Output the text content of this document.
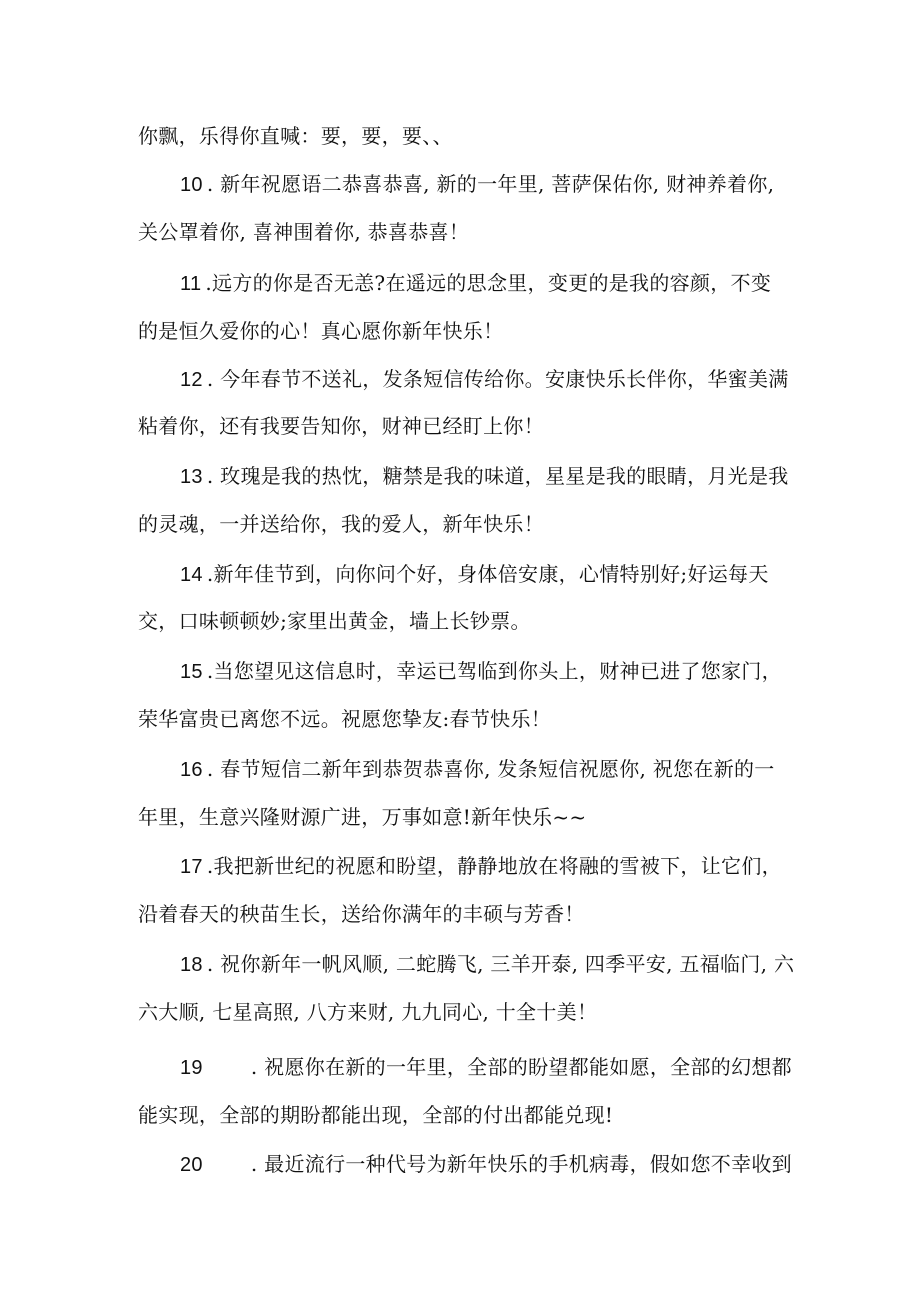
你飘，乐得你直喊：要，要，要、、
10 . 新年祝愿语二恭喜恭喜, 新的一年里, 菩萨保佑你, 财神养着你,
关公罩着你, 喜神围着你, 恭喜恭喜！
11 .远方的你是否无恙?在遥远的思念里，变更的是我的容颜，不变
的是恒久爱你的心！真心愿你新年快乐！
12 . 今年春节不送礼，发条短信传给你。安康快乐长伴你，华蜜美满
粘着你，还有我要告知你，财神已经盯上你！
13 . 玫瑰是我的热忱，糖禁是我的味道，星星是我的眼睛，月光是我
的灵魂，一并送给你，我的爱人，新年快乐！
14 .新年佳节到，向你问个好，身体倍安康，心情特别好;好运每天
交，口味顿顿妙;家里出黄金，墙上长钞票。
15 .当您望见这信息时，幸运已驾临到你头上，财神已进了您家门，
荣华富贵已离您不远。祝愿您挚友:春节快乐！
16 . 春节短信二新年到恭贺恭喜你, 发条短信祝愿你, 祝您在新的一
年里，生意兴隆财源广进，万事如意!新年快乐~~
17 .我把新世纪的祝愿和盼望，静静地放在将融的雪被下，让它们，
沿着春天的秧苗生长，送给你满年的丰硕与芳香！
18 . 祝你新年一帆风顺, 二蛇腾飞, 三羊开泰, 四季平安, 五福临门, 六
六大顺, 七星高照, 八方来财, 九九同心, 十全十美！
19 . 祝愿你在新的一年里，全部的盼望都能如愿，全部的幻想都
能实现，全部的期盼都能出现，全部的付出都能兑现!
20 . 最近流行一种代号为新年快乐的手机病毒，假如您不幸收到
